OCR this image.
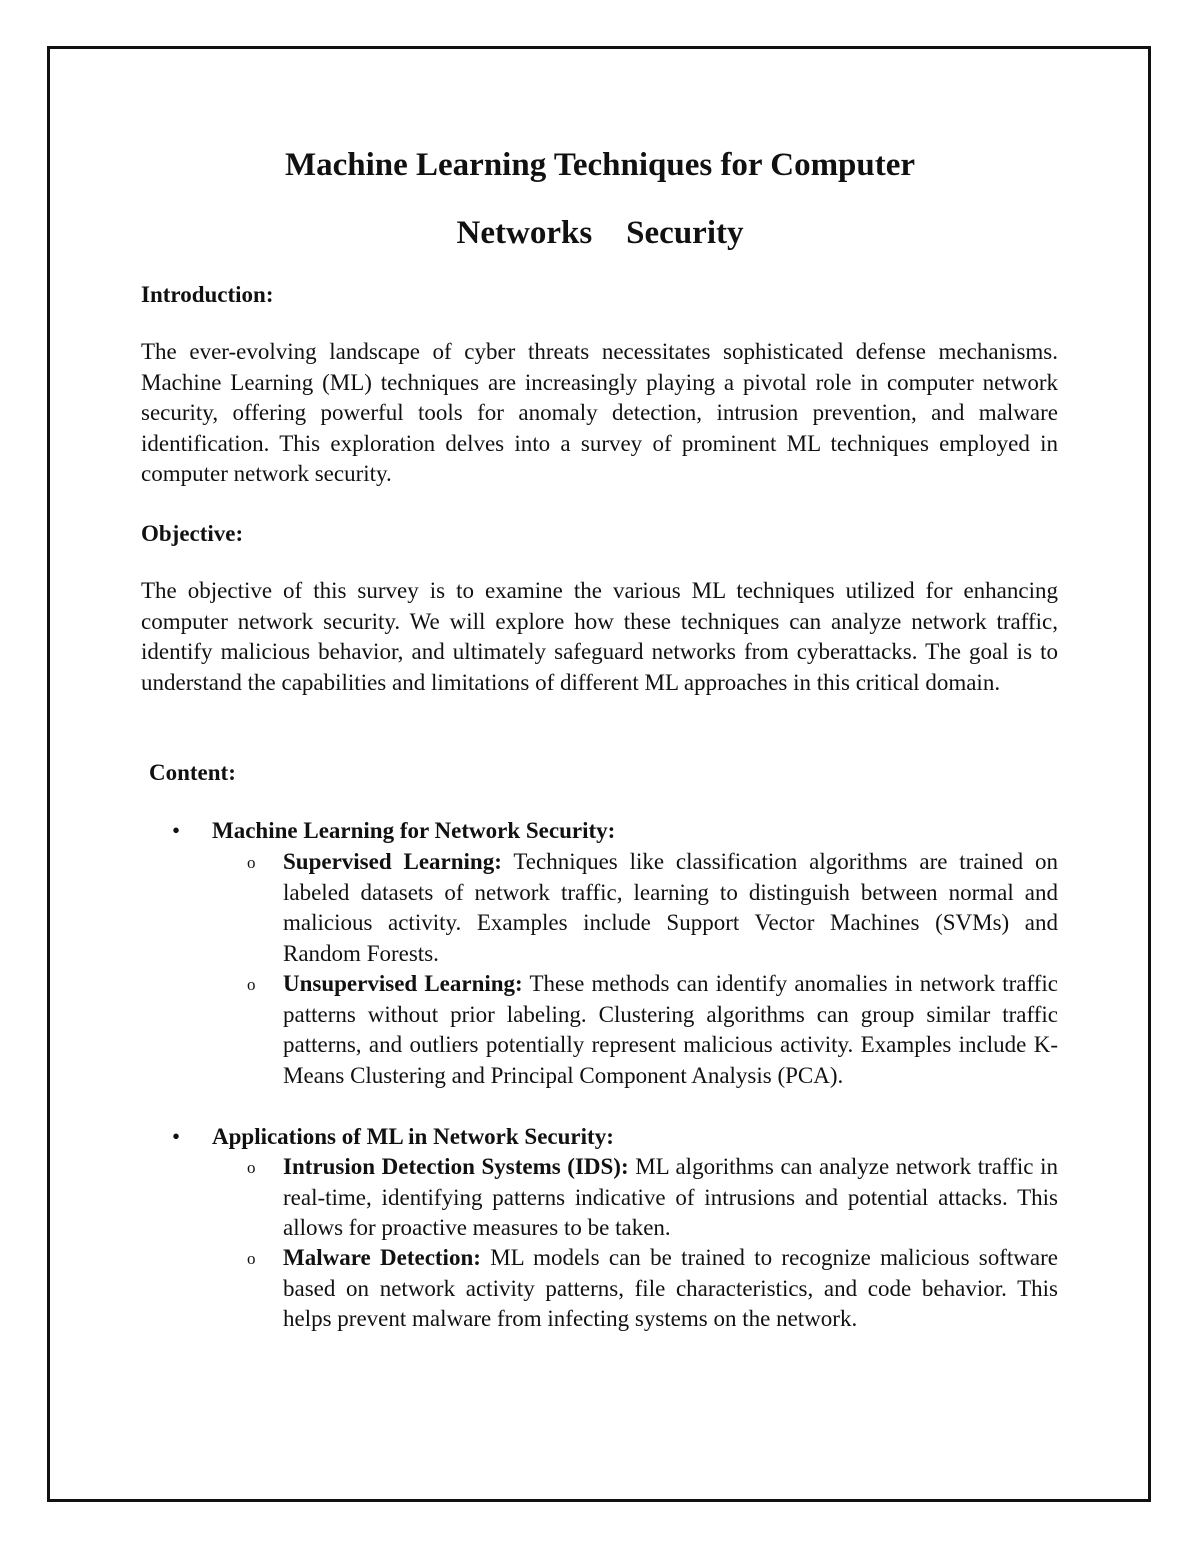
Machine Learning Techniques for Computer
Networks Security
Introduction:

The ever-evolving landscape of cyber threats necessitates sophisticated defense mechanisms. Machine Learning (ML) techniques are increasingly playing a pivotal role in computer network security, offering powerful tools for anomaly detection, intrusion prevention, and malware identification. This exploration delves into a survey of prominent ML techniques employed in computer network security.

Objective:

The objective of this survey is to examine the various ML techniques utilized for enhancing computer network security. We will explore how these techniques can analyze network traffic, identify malicious behavior, and ultimately safeguard networks from cyberattacks. The goal is to understand the capabilities and limitations of different ML approaches in this critical domain.

Content:
• Machine Learning for Network Security:
o Supervised Learning: Techniques like classification algorithms are trained on labeled datasets of network traffic, learning to distinguish between normal and malicious activity. Examples include Support Vector Machines (SVMs) and Random Forests.

o Unsupervised Learning: These methods can identify anomalies in network traffic patterns without prior labeling. Clustering algorithms can group similar traffic patterns, and outliers potentially represent malicious activity. Examples include K-Means Clustering and Principal Component Analysis (PCA).

• Applications of ML in Network Security:
o Intrusion Detection Systems (IDS): ML algorithms can analyze network traffic in real-time, identifying patterns indicative of intrusions and potential attacks. This allows for proactive measures to be taken.

o Malware Detection: ML models can be trained to recognize malicious software based on network activity patterns, file characteristics, and code behavior. This helps prevent malware from infecting systems on the network.
